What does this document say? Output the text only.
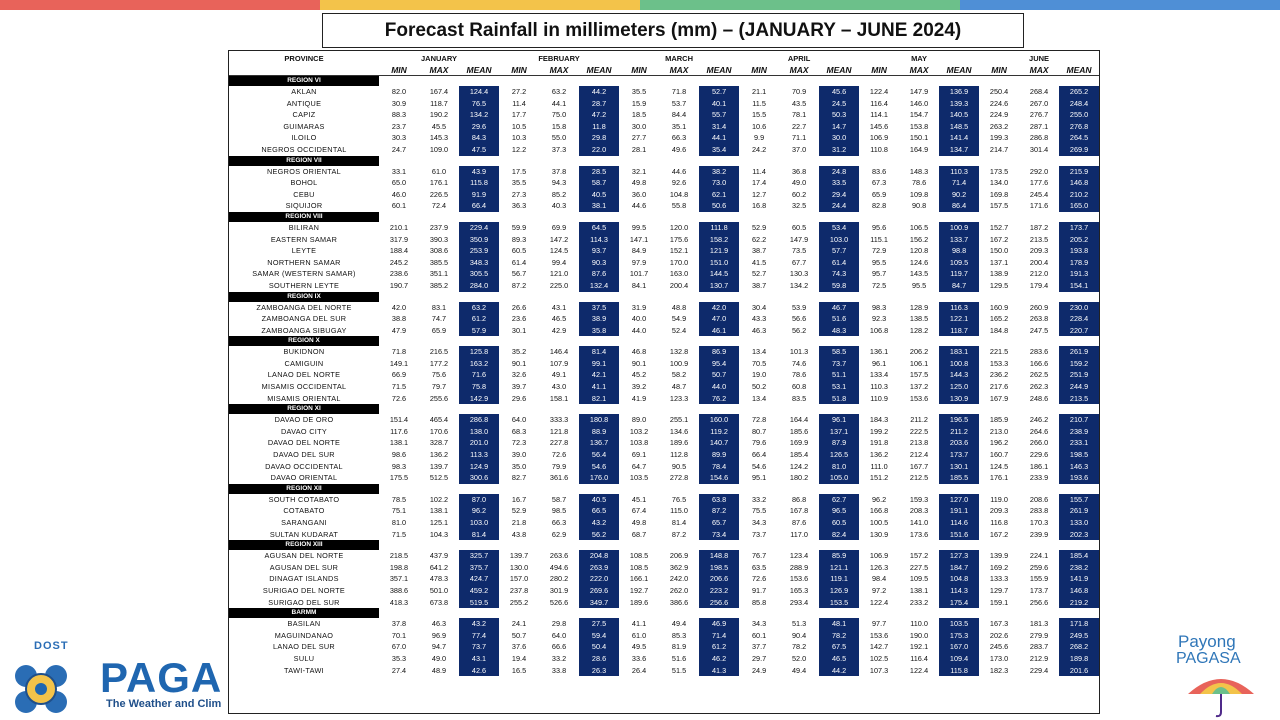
Forecast Rainfall in millimeters (mm) – (JANUARY – JUNE 2024)
PROVINCE	JANUARY			FEBRUARY			MARCH			APRIL			MAY			JUNE		
	MIN	MAX	MEAN	MIN	MAX	MEAN	MIN	MAX	MEAN	MIN	MAX	MEAN	MIN	MAX	MEAN	MIN	MAX	MEAN
REGION VI																		
AKLAN	82.0	167.4	124.4	27.2	63.2	44.2	35.5	71.8	52.7	21.1	70.9	45.6	122.4	147.9	136.9	250.4	268.4	265.2
ANTIQUE	30.9	118.7	76.5	11.4	44.1	28.7	15.9	53.7	40.1	11.5	43.5	24.5	116.4	146.0	139.3	224.6	267.0	248.4
CAPIZ	88.3	190.2	134.2	17.7	75.0	47.2	18.5	84.4	55.7	15.5	78.1	50.3	114.1	154.7	140.5	224.9	276.7	255.0
GUIMARAS	23.7	45.5	29.6	10.5	15.8	11.8	30.0	35.1	31.4	10.6	22.7	14.7	145.6	153.8	148.5	263.2	287.1	276.8
ILOILO	30.3	145.3	84.3	10.3	55.0	29.8	27.7	66.3	44.1	9.9	71.1	30.0	106.9	150.1	141.4	199.3	286.8	264.5
NEGROS OCCIDENTAL	24.7	109.0	47.5	12.2	37.3	22.0	28.1	49.6	35.4	24.2	37.0	31.2	110.8	164.9	134.7	214.7	301.4	269.9
REGION VII																		
NEGROS ORIENTAL	33.1	61.0	43.9	17.5	37.8	28.5	32.1	44.6	38.2	11.4	36.8	24.8	83.6	148.3	110.3	173.5	292.0	215.9
BOHOL	65.0	176.1	115.8	35.5	94.3	58.7	49.8	92.6	73.0	17.4	49.0	33.5	67.3	78.6	71.4	134.0	177.6	146.8
CEBU	46.0	226.5	91.9	27.3	85.2	40.5	36.0	104.8	62.1	12.7	60.2	29.4	65.9	109.8	90.2	169.8	245.4	210.2
SIQUIJOR	60.1	72.4	66.4	36.3	40.3	38.1	44.6	55.8	50.6	16.8	32.5	24.4	82.8	90.8	86.4	157.5	171.6	165.0
REGION VIII																		
BILIRAN	210.1	237.9	229.4	59.9	69.9	64.5	99.5	120.0	111.8	52.9	60.5	53.4	95.6	106.5	100.9	152.7	187.2	173.7
EASTERN SAMAR	317.9	390.3	350.9	89.3	147.2	114.3	147.1	175.6	158.2	62.2	147.9	103.0	115.1	156.2	133.7	167.2	213.5	205.2
LEYTE	188.4	308.6	253.9	60.5	124.5	93.7	84.9	152.1	121.9	38.7	73.5	57.7	72.9	120.8	98.8	150.0	209.3	193.8
NORTHERN SAMAR	245.2	385.5	348.3	61.4	99.4	90.3	97.9	170.0	151.0	41.5	67.7	61.4	95.5	124.6	109.5	137.1	200.4	178.9
SAMAR (WESTERN SAMAR)	238.6	351.1	305.5	56.7	121.0	87.6	101.7	163.0	144.5	52.7	130.3	74.3	95.7	143.5	119.7	138.9	212.0	191.3
SOUTHERN LEYTE	190.7	385.2	284.0	87.2	225.0	132.4	84.1	200.4	130.7	38.7	134.2	59.8	72.5	95.5	84.7	129.5	179.4	154.1
REGION IX																		
ZAMBOANGA DEL NORTE	42.0	83.1	63.2	26.6	43.1	37.5	31.9	48.8	42.0	30.4	53.9	46.7	98.3	128.9	116.3	160.9	260.9	230.0
ZAMBOANGA DEL SUR	38.8	74.7	61.2	23.6	46.5	38.9	40.0	54.9	47.0	43.3	56.6	51.6	92.3	138.5	122.1	165.2	263.8	228.4
ZAMBOANGA SIBUGAY	47.9	65.9	57.9	30.1	42.9	35.8	44.0	52.4	46.1	46.3	56.2	48.3	106.8	128.2	118.7	184.8	247.5	220.7
REGION X																		
BUKIDNON	71.8	216.5	125.8	35.2	146.4	81.4	46.8	132.8	86.9	13.4	101.3	58.5	136.1	206.2	183.1	221.5	283.6	261.9
CAMIGUIN	149.1	177.2	163.2	90.1	107.9	99.1	90.1	100.9	95.4	70.5	74.6	73.7	96.1	106.1	100.8	153.3	166.6	159.2
LANAO DEL NORTE	66.9	75.6	71.6	32.6	49.1	42.1	45.2	58.2	50.7	19.0	78.6	51.1	133.4	157.5	144.3	236.2	262.5	251.9
MISAMIS OCCIDENTAL	71.5	79.7	75.8	39.7	43.0	41.1	39.2	48.7	44.0	50.2	60.8	53.1	110.3	137.2	125.0	217.6	262.3	244.9
MISAMIS ORIENTAL	72.6	255.6	142.9	29.6	158.1	82.1	41.9	123.3	76.2	13.4	83.5	51.8	110.9	153.6	130.9	167.9	248.6	213.5
REGION XI																		
DAVAO DE ORO	151.4	465.4	286.8	64.0	333.3	180.8	89.0	255.1	160.0	72.8	164.4	96.1	184.3	211.2	196.5	185.9	246.2	210.7
DAVAO CITY	117.6	170.6	138.0	68.3	121.8	88.9	103.2	134.6	119.2	80.7	185.6	137.1	199.2	222.5	211.2	213.0	264.6	238.9
DAVAO DEL NORTE	138.1	328.7	201.0	72.3	227.8	136.7	103.8	189.6	140.7	79.6	169.9	87.9	191.8	213.8	203.6	196.2	266.0	233.1
DAVAO DEL SUR	98.6	136.2	113.3	39.0	72.6	56.4	69.1	112.8	89.9	66.4	185.4	126.5	136.2	212.4	173.7	160.7	229.6	198.5
DAVAO OCCIDENTAL	98.3	139.7	124.9	35.0	79.9	54.6	64.7	90.5	78.4	54.6	124.2	81.0	111.0	167.7	130.1	124.5	186.1	146.3
DAVAO ORIENTAL	175.5	512.5	300.6	82.7	361.6	176.0	103.5	272.8	154.6	95.1	180.2	105.0	151.2	212.5	185.5	176.1	233.9	193.6
REGION XII																		
SOUTH COTABATO	78.5	102.2	87.0	16.7	58.7	40.5	45.1	76.5	63.8	33.2	86.8	62.7	96.2	159.3	127.0	119.0	208.6	155.7
COTABATO	75.1	138.1	96.2	52.9	98.5	66.5	67.4	115.0	87.2	75.5	167.8	96.5	166.8	208.3	191.1	209.3	283.8	261.9
SARANGANI	81.0	125.1	103.0	21.8	66.3	43.2	49.8	81.4	65.7	34.3	87.6	60.5	100.5	141.0	114.6	116.8	170.3	133.0
SULTAN KUDARAT	71.5	104.3	81.4	43.8	62.9	56.2	68.7	87.2	73.4	73.7	117.0	82.4	130.9	173.6	151.6	167.2	239.9	202.3
REGION XIII																		
AGUSAN DEL NORTE	218.5	437.9	325.7	139.7	263.6	204.8	108.5	206.9	148.8	76.7	123.4	85.9	106.9	157.2	127.3	139.9	224.1	185.4
AGUSAN DEL SUR	198.8	641.2	375.7	130.0	494.6	263.9	108.5	362.9	198.5	63.5	288.9	121.1	126.3	227.5	184.7	169.2	259.6	238.2
DINAGAT ISLANDS	357.1	478.3	424.7	157.0	280.2	222.0	166.1	242.0	206.6	72.6	153.6	119.1	98.4	109.5	104.8	133.3	155.9	141.9
SURIGAO DEL NORTE	388.6	501.0	459.2	237.8	301.9	269.6	192.7	262.0	223.2	91.7	165.3	126.9	97.2	138.1	114.3	129.7	173.7	146.8
SURIGAO DEL SUR	418.3	673.8	519.5	255.2	526.6	349.7	189.6	386.6	256.6	85.8	293.4	153.5	122.4	233.2	175.4	159.1	256.6	219.2
BARMM																		
BASILAN	37.8	46.3	43.2	24.1	29.8	27.5	41.1	49.4	46.9	34.3	51.3	48.1	97.7	110.0	103.5	167.3	181.3	171.8
MAGUINDANAO	70.1	96.9	77.4	50.7	64.0	59.4	61.0	85.3	71.4	60.1	90.4	78.2	153.6	190.0	175.3	202.6	279.9	249.5
LANAO DEL SUR	67.0	94.7	73.7	37.6	66.6	50.4	49.5	81.9	61.2	37.7	78.2	67.5	142.7	192.1	167.0	245.6	283.7	268.2
SULU	35.3	49.0	43.1	19.4	33.2	28.6	33.6	51.6	46.2	29.7	52.0	46.5	102.5	116.4	109.4	173.0	212.9	189.8
TAWI-TAWI	27.4	48.9	42.6	16.5	33.8	26.3	26.4	51.5	41.3	24.9	49.4	44.2	107.3	122.4	115.8	182.3	229.4	201.6
DOST
PAGA
The Weather and Clim
Payong
PAGASA
